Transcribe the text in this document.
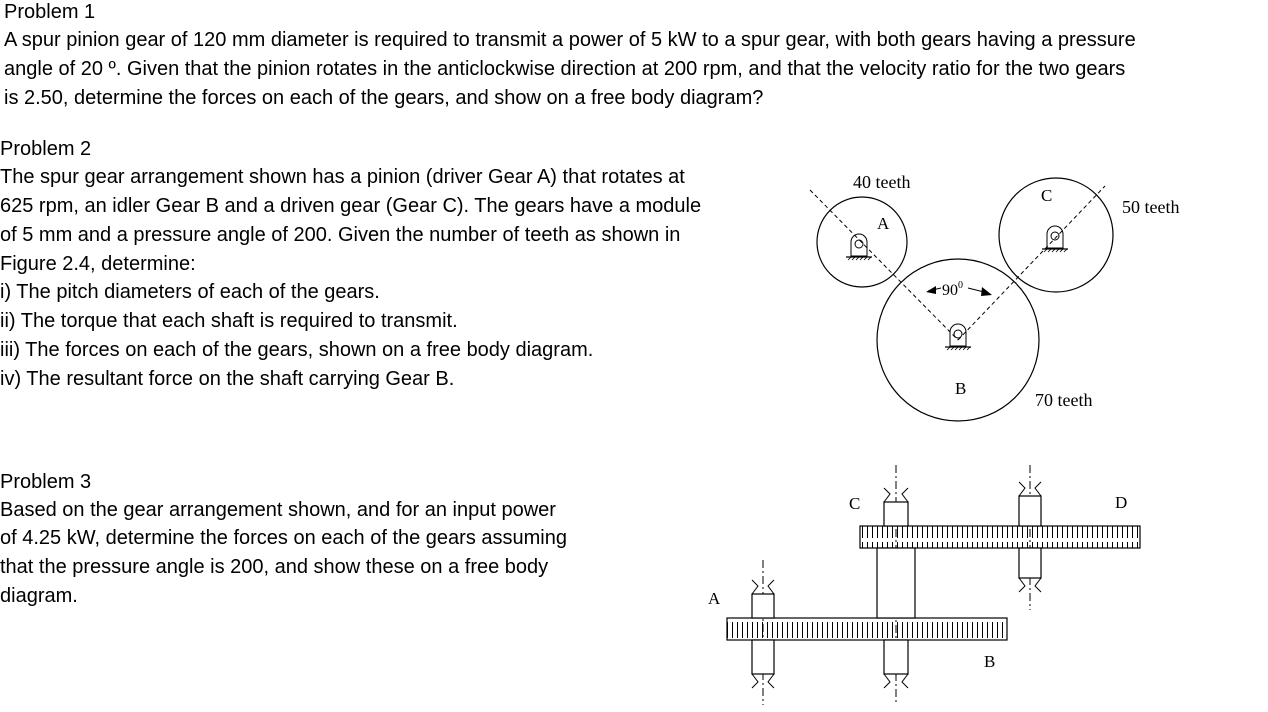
Problem 1
A spur pinion gear of 120 mm diameter is required to transmit a power of 5 kW to a spur gear, with both gears having a pressure
angle of 20 º. Given that the pinion rotates in the anticlockwise direction at 200 rpm, and that the velocity ratio for the two gears
is 2.50, determine the forces on each of the gears, and show on a free body diagram?
Problem 2
The spur gear arrangement shown has a pinion (driver Gear A) that rotates at
625 rpm, an idler Gear B and a driven gear (Gear C). The gears have a module
of 5 mm and a pressure angle of 200. Given the number of teeth as shown in
Figure 2.4, determine:
i) The pitch diameters of each of the gears.
ii) The torque that each shaft is required to transmit.
iii) The forces on each of the gears, shown on a free body diagram.
iv) The resultant force on the shaft carrying Gear B.
Problem 3
Based on the gear arrangement shown, and for an input power
of 4.25 kW, determine the forces on each of the gears assuming
that the pressure angle is 200, and show these on a free body
diagram.
$90^0$
40 teeth
A
B
70 teeth
C
50 teeth
A
B
C	D
